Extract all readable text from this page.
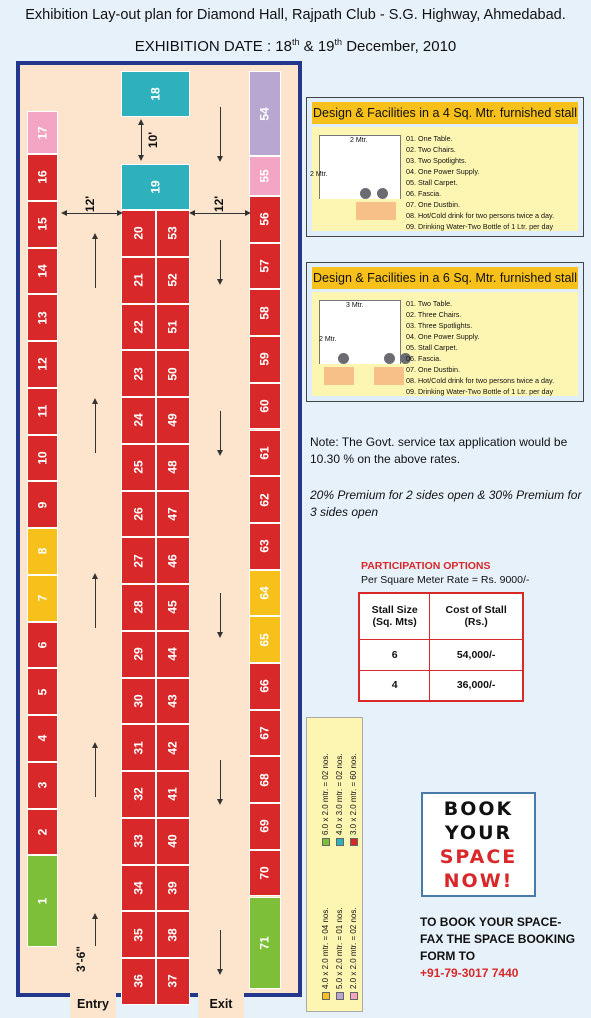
Exhibition Lay-out plan for Diamond Hall, Rajpath Club - S.G. Highway, Ahmedabad.
EXHIBITION DATE : 18th & 19th December, 2010
Entry	Exit
Design & Facilities in a 4 Sq. Mtr. furnished stall
2 Mtr.
2 Mtr.
01. One Table.
02. Two Chairs.
03. Two Spotlights.
04. One Power Supply.
05. Stall Carpet.
06. Fascia.
07. One Dustbin.
08. Hot/Cold drink for two persons twice a day.
09. Drinking Water-Two Bottle of 1 Ltr. per day
Design & Facilities in a 6 Sq. Mtr. furnished stall
3 Mtr.
2 Mtr.
01. Two Table.
02. Three Chairs.
03. Three Spotlights.
04. One Power Supply.
05. Stall Carpet.
06. Fascia.
07. One Dustbin.
08. Hot/Cold drink for two persons twice a day.
09. Drinking Water-Two Bottle of 1 Ltr. per day
Note: The Govt. service tax application would be 10.30 % on the above rates.
20% Premium for 2 sides open & 30% Premium for 3 sides open
PARTICIPATION OPTIONS
Per Square Meter Rate = Rs. 9000/-
Stall Size
(Sq. Mts)	Cost of Stall
(Rs.)
6	54,000/-
4	36,000/-
6.0 x 2.0 mtr. = 02 nos. 4.0 x 3.0 mtr. = 02 nos. 3.0 x 2.0 mtr. = 60 nos.
4.0 x 2.0 mtr. = 04 nos. 5.0 x 2.0 mtr. = 01 nos. 2.0 x 2.0 mtr. = 02 nos.
BOOK
YOUR
SPACE
NOW!
TO BOOK YOUR SPACE-
FAX THE SPACE BOOKING
FORM TO
+91-79-3017 7440
17
16
15
14
13
12
11
10
9
8
7
6
5
4
3
2
1
54
55
56
57
58
59
60
61
62
63
64
65
66
67
68
69
70
71
18
19
20
21
22
23
24
25
26
27
28
29
30
31
32
33
34
35
36
53
52
51
50
49
48
47
46
45
44
43
42
41
40
39
38
37
10'
12'	12'
3'-6"
